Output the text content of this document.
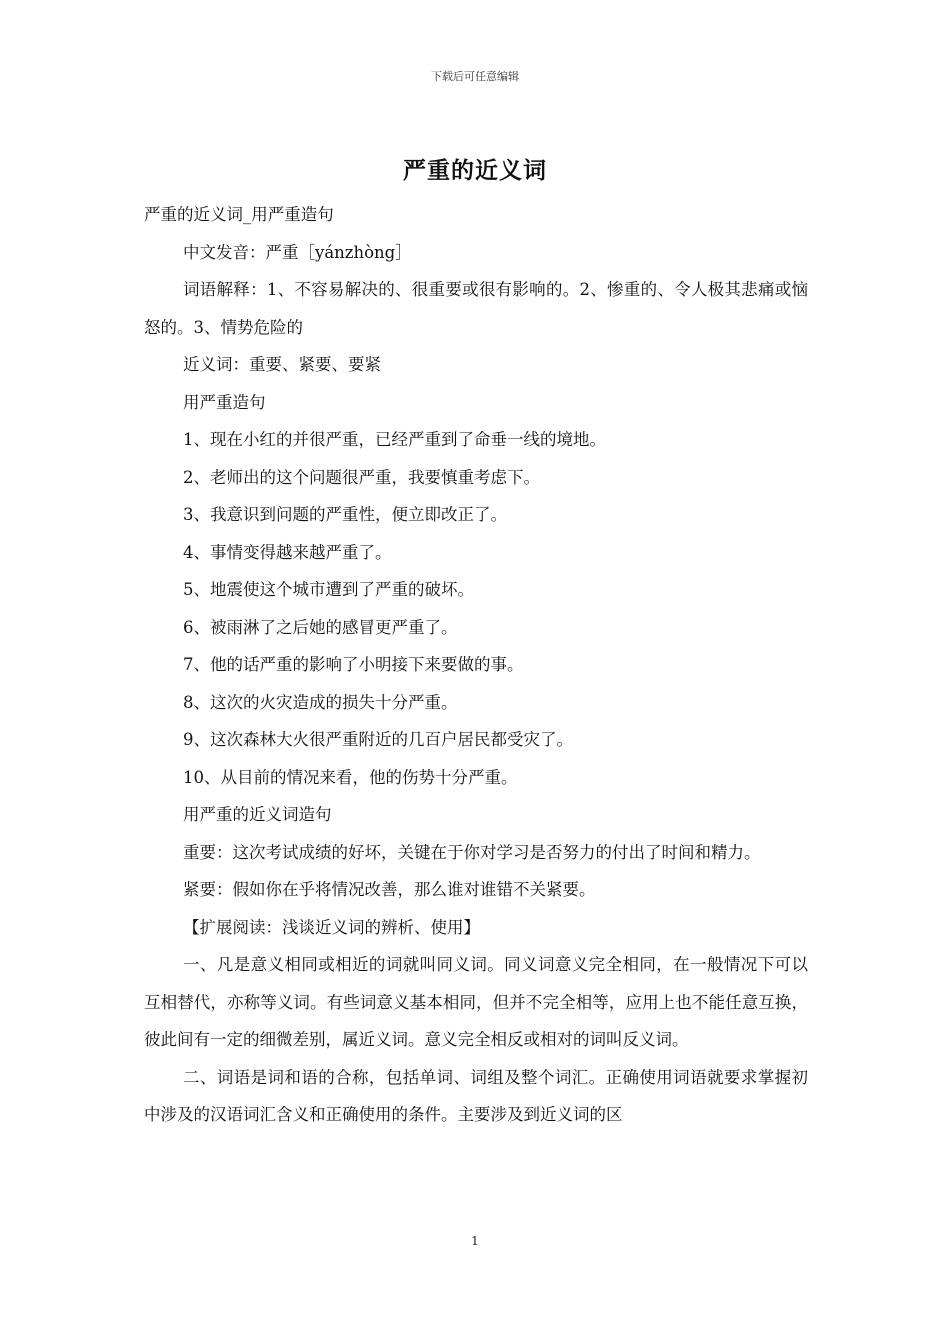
下载后可任意编辑
严重的近义词

严重的近义词_用严重造句

中文发音：严重［yánzhòng］

词语解释：1、不容易解决的、很重要或很有影响的。2、惨重的、令人极其悲痛或恼怒的。3、情势危险的

近义词：重要、紧要、要紧

用严重造句

1、现在小红的并很严重，已经严重到了命垂一线的境地。

2、老师出的这个问题很严重，我要慎重考虑下。

3、我意识到问题的严重性，便立即改正了。

4、事情变得越来越严重了。

5、地震使这个城市遭到了严重的破坏。

6、被雨淋了之后她的感冒更严重了。

7、他的话严重的影响了小明接下来要做的事。

8、这次的火灾造成的损失十分严重。

9、这次森林大火很严重附近的几百户居民都受灾了。

10、从目前的情况来看，他的伤势十分严重。

用严重的近义词造句

重要：这次考试成绩的好坏，关键在于你对学习是否努力的付出了时间和精力。

紧要：假如你在乎将情况改善，那么谁对谁错不关紧要。

【扩展阅读：浅谈近义词的辨析、使用】

一、凡是意义相同或相近的词就叫同义词。同义词意义完全相同，在一般情况下可以互相替代，亦称等义词。有些词意义基本相同，但并不完全相等，应用上也不能任意互换，彼此间有一定的细微差别，属近义词。意义完全相反或相对的词叫反义词。

二、词语是词和语的合称，包括单词、词组及整个词汇。正确使用词语就要求掌握初中涉及的汉语词汇含义和正确使用的条件。主要涉及到近义词的区

1
